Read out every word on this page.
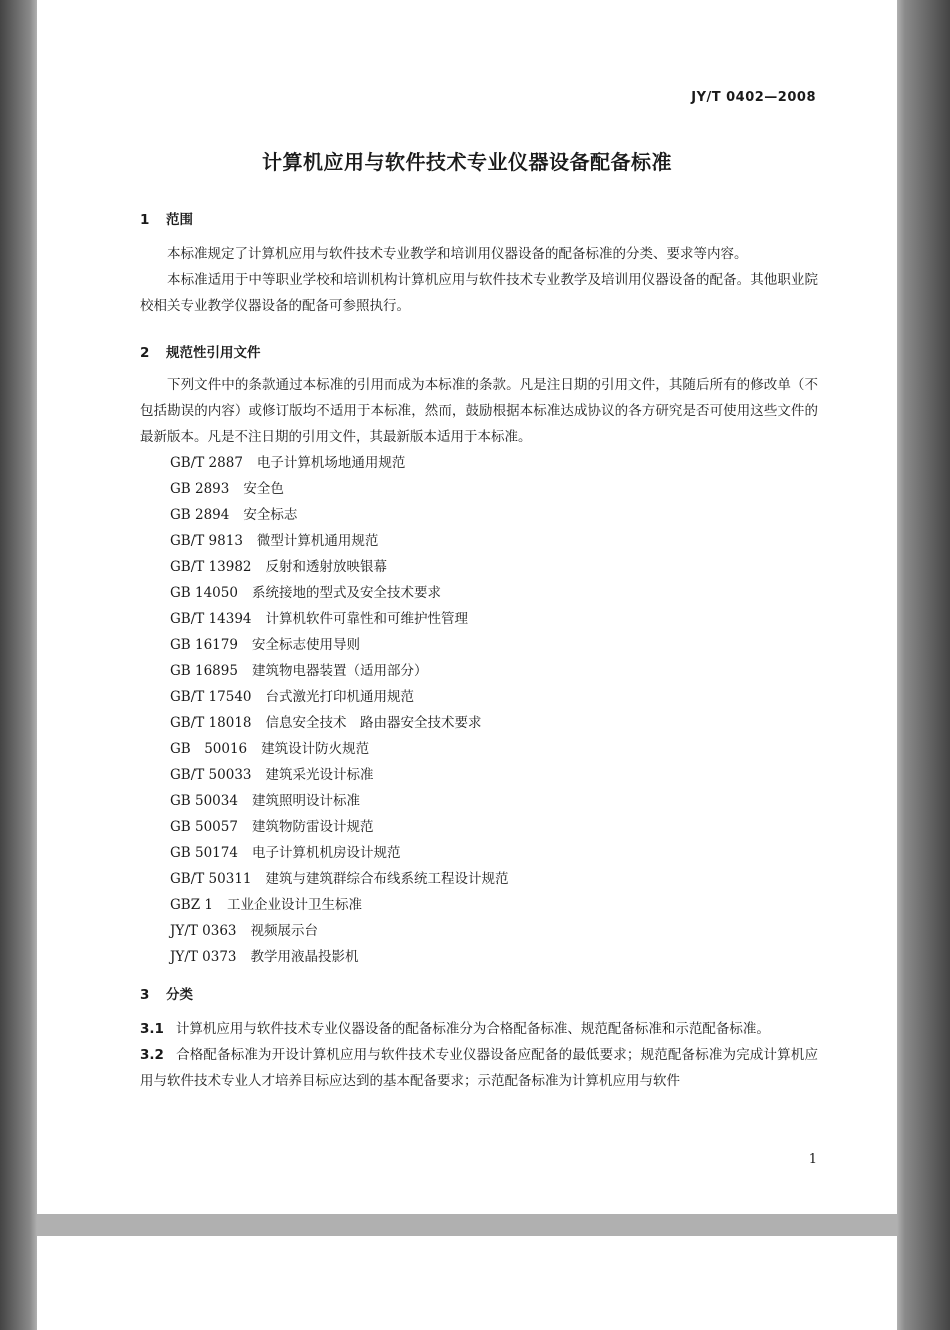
JY/T 0402—2008
计算机应用与软件技术专业仪器设备配备标准
1 范围

本标准规定了计算机应用与软件技术专业教学和培训用仪器设备的配备标准的分类、要求等内容。

本标准适用于中等职业学校和培训机构计算机应用与软件技术专业教学及培训用仪器设备的配备。其他职业院校相关专业教学仪器设备的配备可参照执行。

2 规范性引用文件

下列文件中的条款通过本标准的引用而成为本标准的条款。凡是注日期的引用文件，其随后所有的修改单（不包括勘误的内容）或修订版均不适用于本标准，然而，鼓励根据本标准达成协议的各方研究是否可使用这些文件的最新版本。凡是不注日期的引用文件，其最新版本适用于本标准。

GB/T 2887 电子计算机场地通用规范
GB 2893 安全色
GB 2894 安全标志
GB/T 9813 微型计算机通用规范
GB/T 13982 反射和透射放映银幕
GB 14050 系统接地的型式及安全技术要求
GB/T 14394 计算机软件可靠性和可维护性管理
GB 16179 安全标志使用导则
GB 16895 建筑物电器装置（适用部分）
GB/T 17540 台式激光打印机通用规范
GB/T 18018 信息安全技术　路由器安全技术要求
GB　50016 建筑设计防火规范
GB/T 50033 建筑采光设计标准
GB 50034 建筑照明设计标准
GB 50057 建筑物防雷设计规范
GB 50174 电子计算机机房设计规范
GB/T 50311 建筑与建筑群综合布线系统工程设计规范
GBZ 1 工业企业设计卫生标准
JY/T 0363 视频展示台
JY/T 0373 教学用液晶投影机
3 分类

3.1 计算机应用与软件技术专业仪器设备的配备标准分为合格配备标准、规范配备标准和示范配备标准。

3.2 合格配备标准为开设计算机应用与软件技术专业仪器设备应配备的最低要求；规范配备标准为完成计算机应用与软件技术专业人才培养目标应达到的基本配备要求；示范配备标准为计算机应用与软件

1
